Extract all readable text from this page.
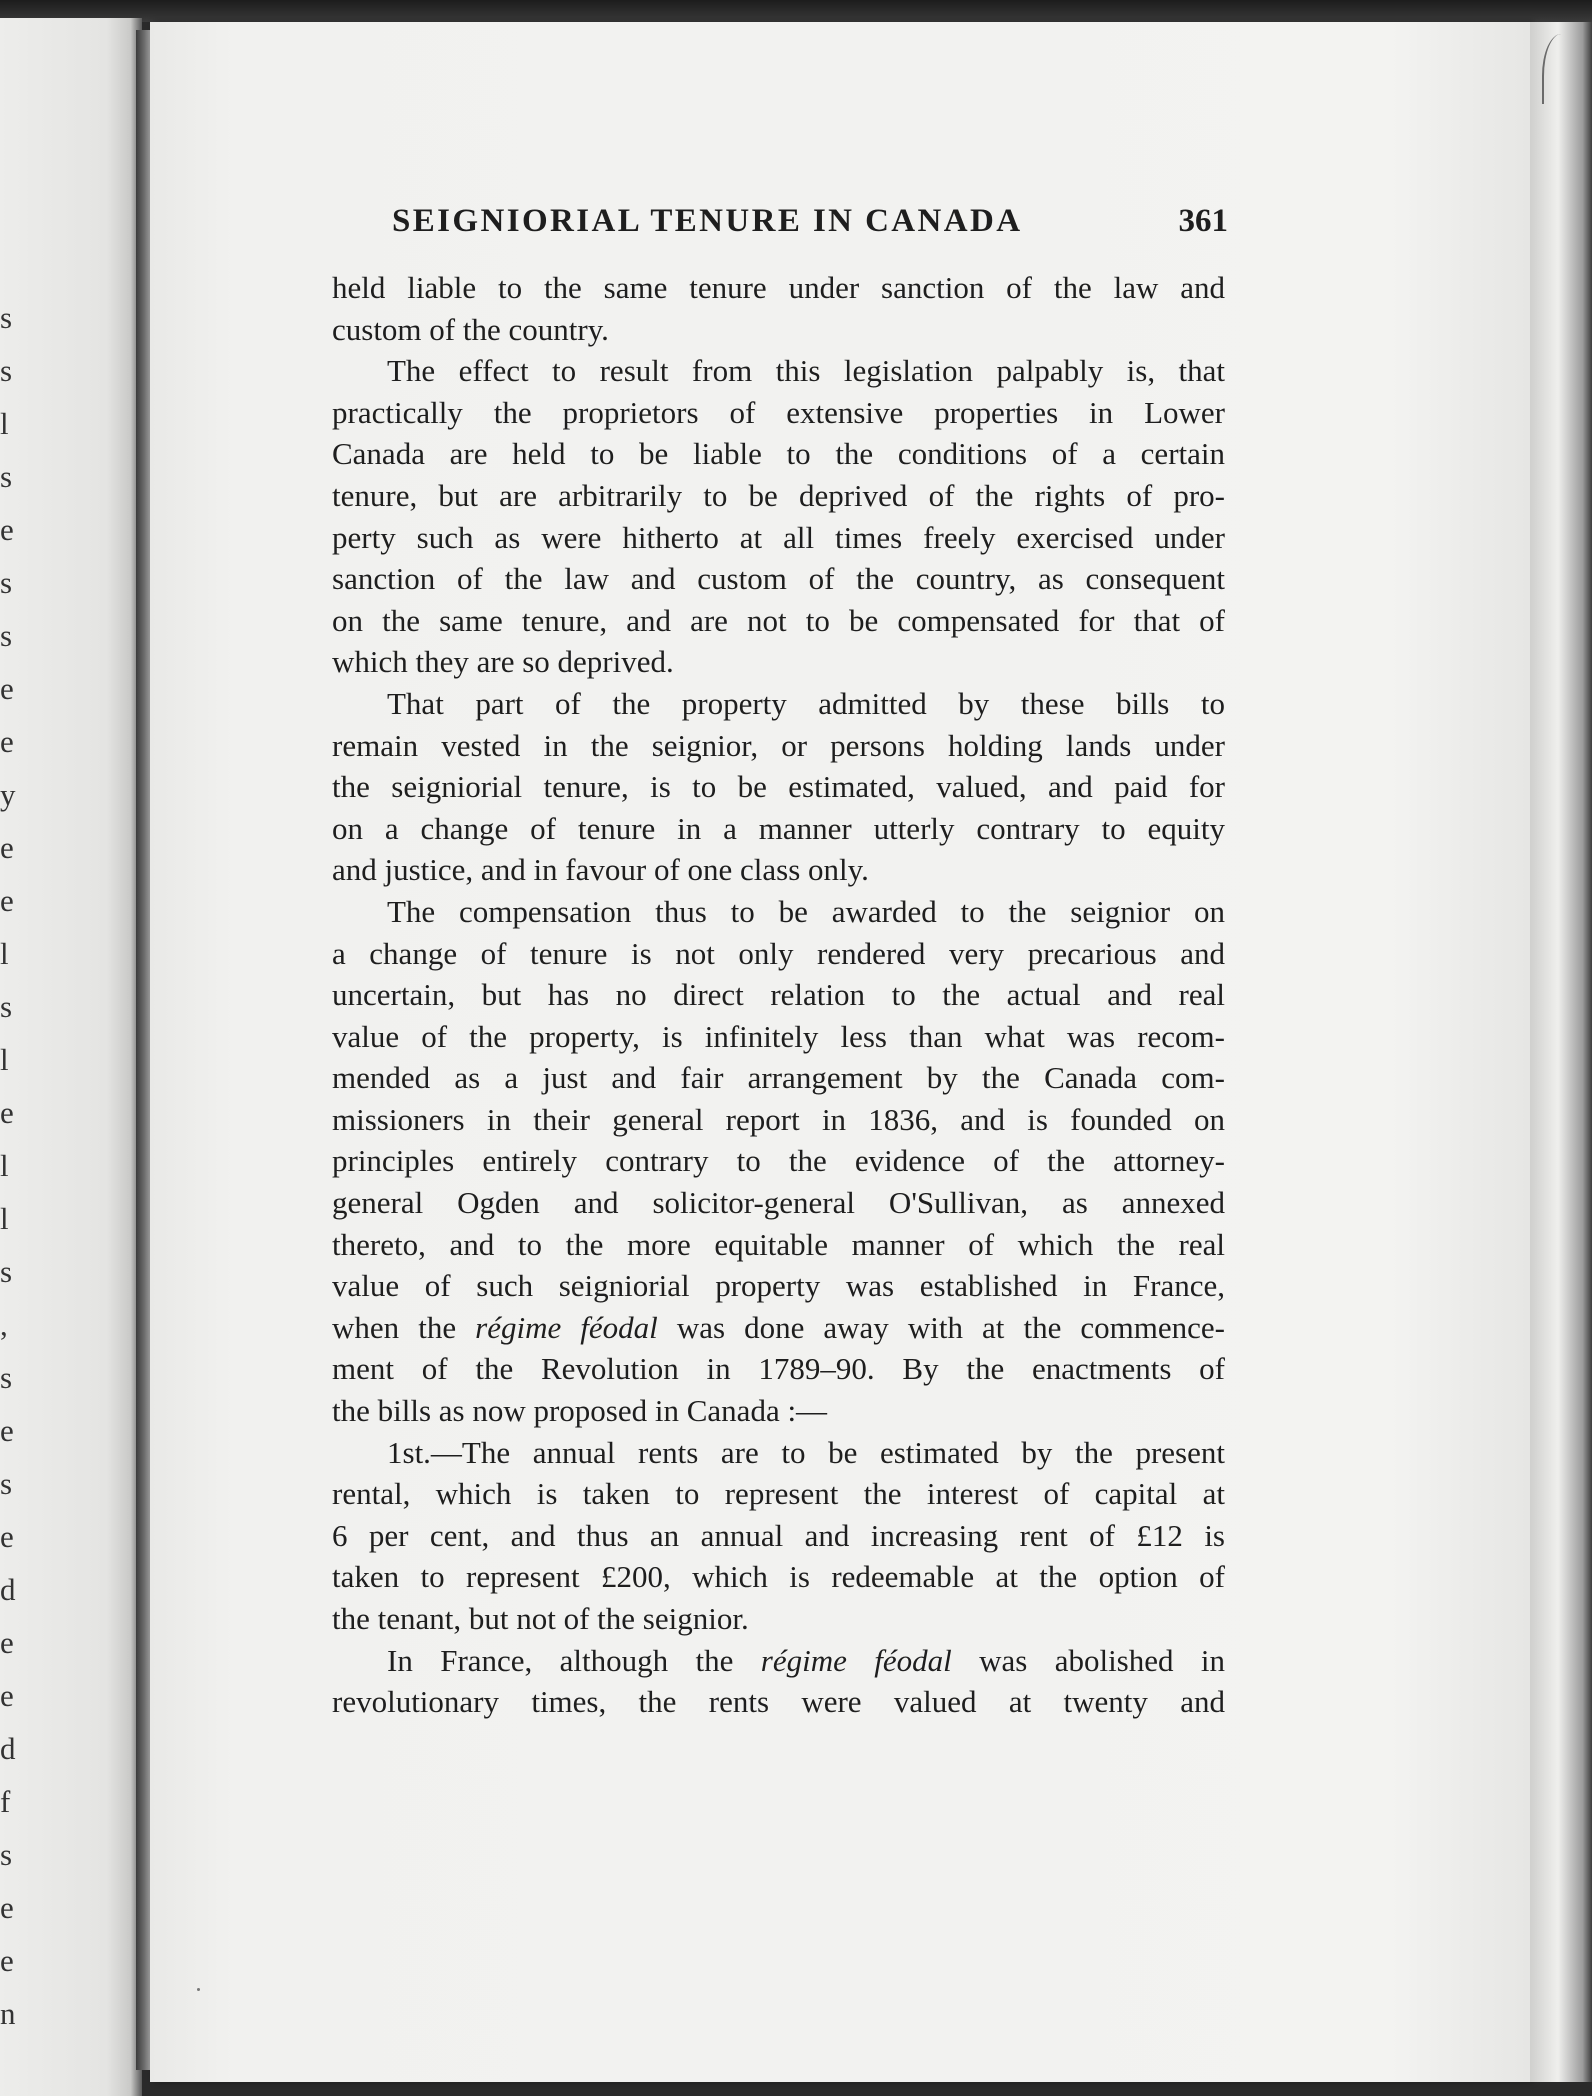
s
s
l
s
e
s
s
e
e
y
e
e
l
s
l
e
l
l
s
,
s
e
s
e
d
e
e
d
f
s
e
e
n
SEIGNIORIAL TENURE IN CANADA	361

held liable to the same tenure under sanction of the law and

custom of the country.

The effect to result from this legislation palpably is, that

practically the proprietors of extensive properties in Lower

Canada are held to be liable to the conditions of a certain

tenure, but are arbitrarily to be deprived of the rights of pro-

perty such as were hitherto at all times freely exercised under

sanction of the law and custom of the country, as consequent

on the same tenure, and are not to be compensated for that of

which they are so deprived.

That part of the property admitted by these bills to

remain vested in the seignior, or persons holding lands under

the seigniorial tenure, is to be estimated, valued, and paid for

on a change of tenure in a manner utterly contrary to equity

and justice, and in favour of one class only.

The compensation thus to be awarded to the seignior on

a change of tenure is not only rendered very precarious and

uncertain, but has no direct relation to the actual and real

value of the property, is infinitely less than what was recom-

mended as a just and fair arrangement by the Canada com-

missioners in their general report in 1836, and is founded on

principles entirely contrary to the evidence of the attorney-

general Ogden and solicitor-general O'Sullivan, as annexed

thereto, and to the more equitable manner of which the real

value of such seigniorial property was established in France,

when the régime féodal was done away with at the commence-

ment of the Revolution in 1789–90. By the enactments of

the bills as now proposed in Canada :—

1st.—The annual rents are to be estimated by the present

rental, which is taken to represent the interest of capital at

6 per cent, and thus an annual and increasing rent of £12 is

taken to represent £200, which is redeemable at the option of

the tenant, but not of the seignior.

In France, although the régime féodal was abolished in

revolutionary times, the rents were valued at twenty and
